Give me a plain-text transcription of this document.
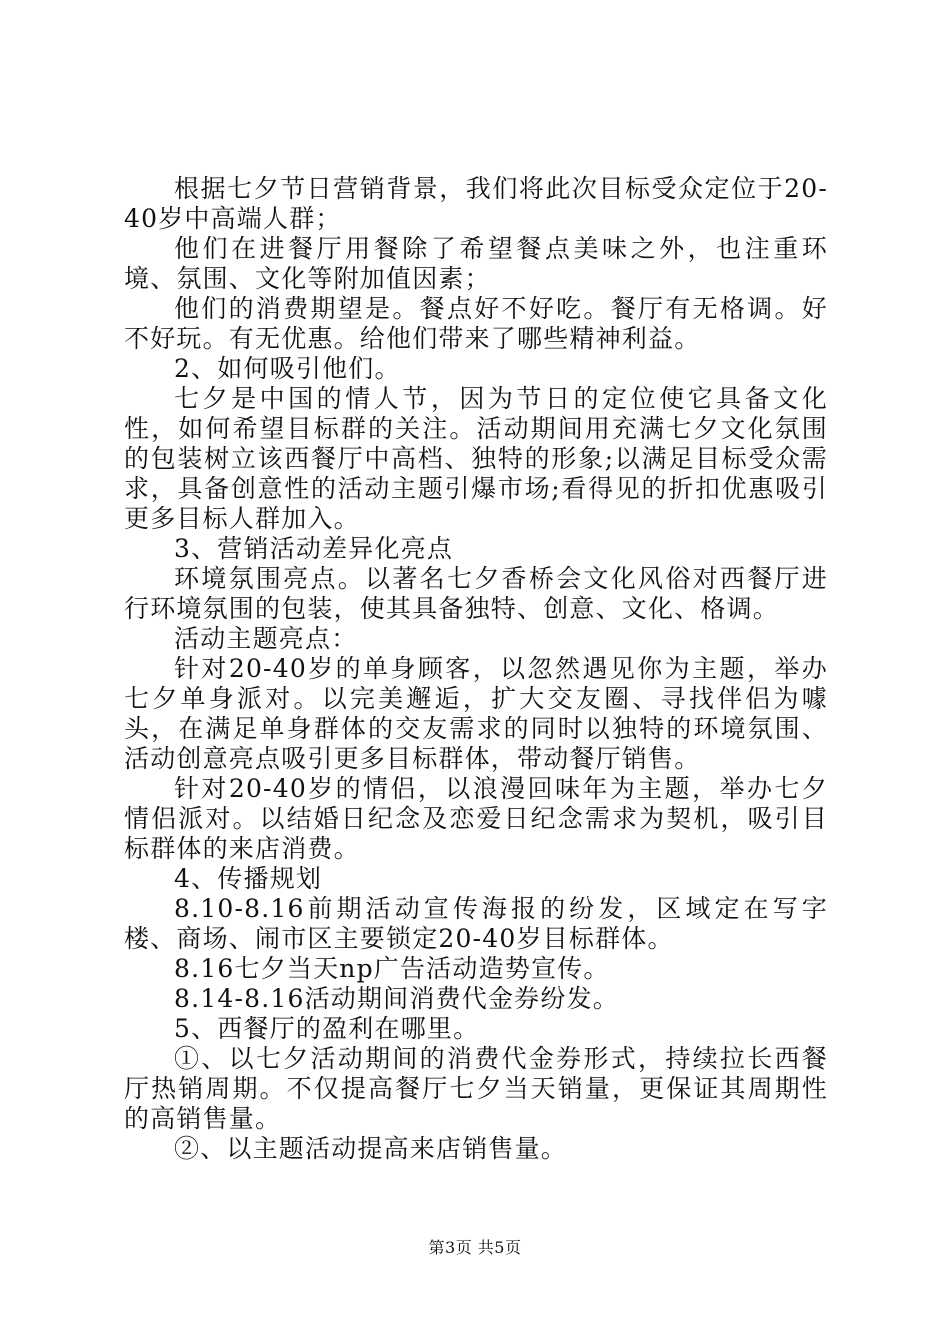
根据七夕节日营销背景，我们将此次目标受众定位于20-40岁中高端人群；

他们在进餐厅用餐除了希望餐点美味之外，也注重环境、氛围、文化等附加值因素；

他们的消费期望是。餐点好不好吃。餐厅有无格调。好不好玩。有无优惠。给他们带来了哪些精神利益。

2、如何吸引他们。

七夕是中国的情人节，因为节日的定位使它具备文化性，如何希望目标群的关注。活动期间用充满七夕文化氛围的包装树立该西餐厅中高档、独特的形象;以满足目标受众需求，具备创意性的活动主题引爆市场;看得见的折扣优惠吸引更多目标人群加入。

3、营销活动差异化亮点

环境氛围亮点。以著名七夕香桥会文化风俗对西餐厅进行环境氛围的包装，使其具备独特、创意、文化、格调。

活动主题亮点：

针对20-40岁的单身顾客，以忽然遇见你为主题，举办七夕单身派对。以完美邂逅，扩大交友圈、寻找伴侣为噱头，在满足单身群体的交友需求的同时以独特的环境氛围、活动创意亮点吸引更多目标群体，带动餐厅销售。

针对20-40岁的情侣，以浪漫回味年为主题，举办七夕情侣派对。以结婚日纪念及恋爱日纪念需求为契机，吸引目标群体的来店消费。

4、传播规划

8.10-8.16前期活动宣传海报的纷发，区域定在写字楼、商场、闹市区主要锁定20-40岁目标群体。

8.16七夕当天np广告活动造势宣传。

8.14-8.16活动期间消费代金券纷发。

5、西餐厅的盈利在哪里。

①、以七夕活动期间的消费代金券形式，持续拉长西餐厅热销周期。不仅提高餐厅七夕当天销量，更保证其周期性的高销售量。

②、以主题活动提高来店销售量。

第3页 共5页
